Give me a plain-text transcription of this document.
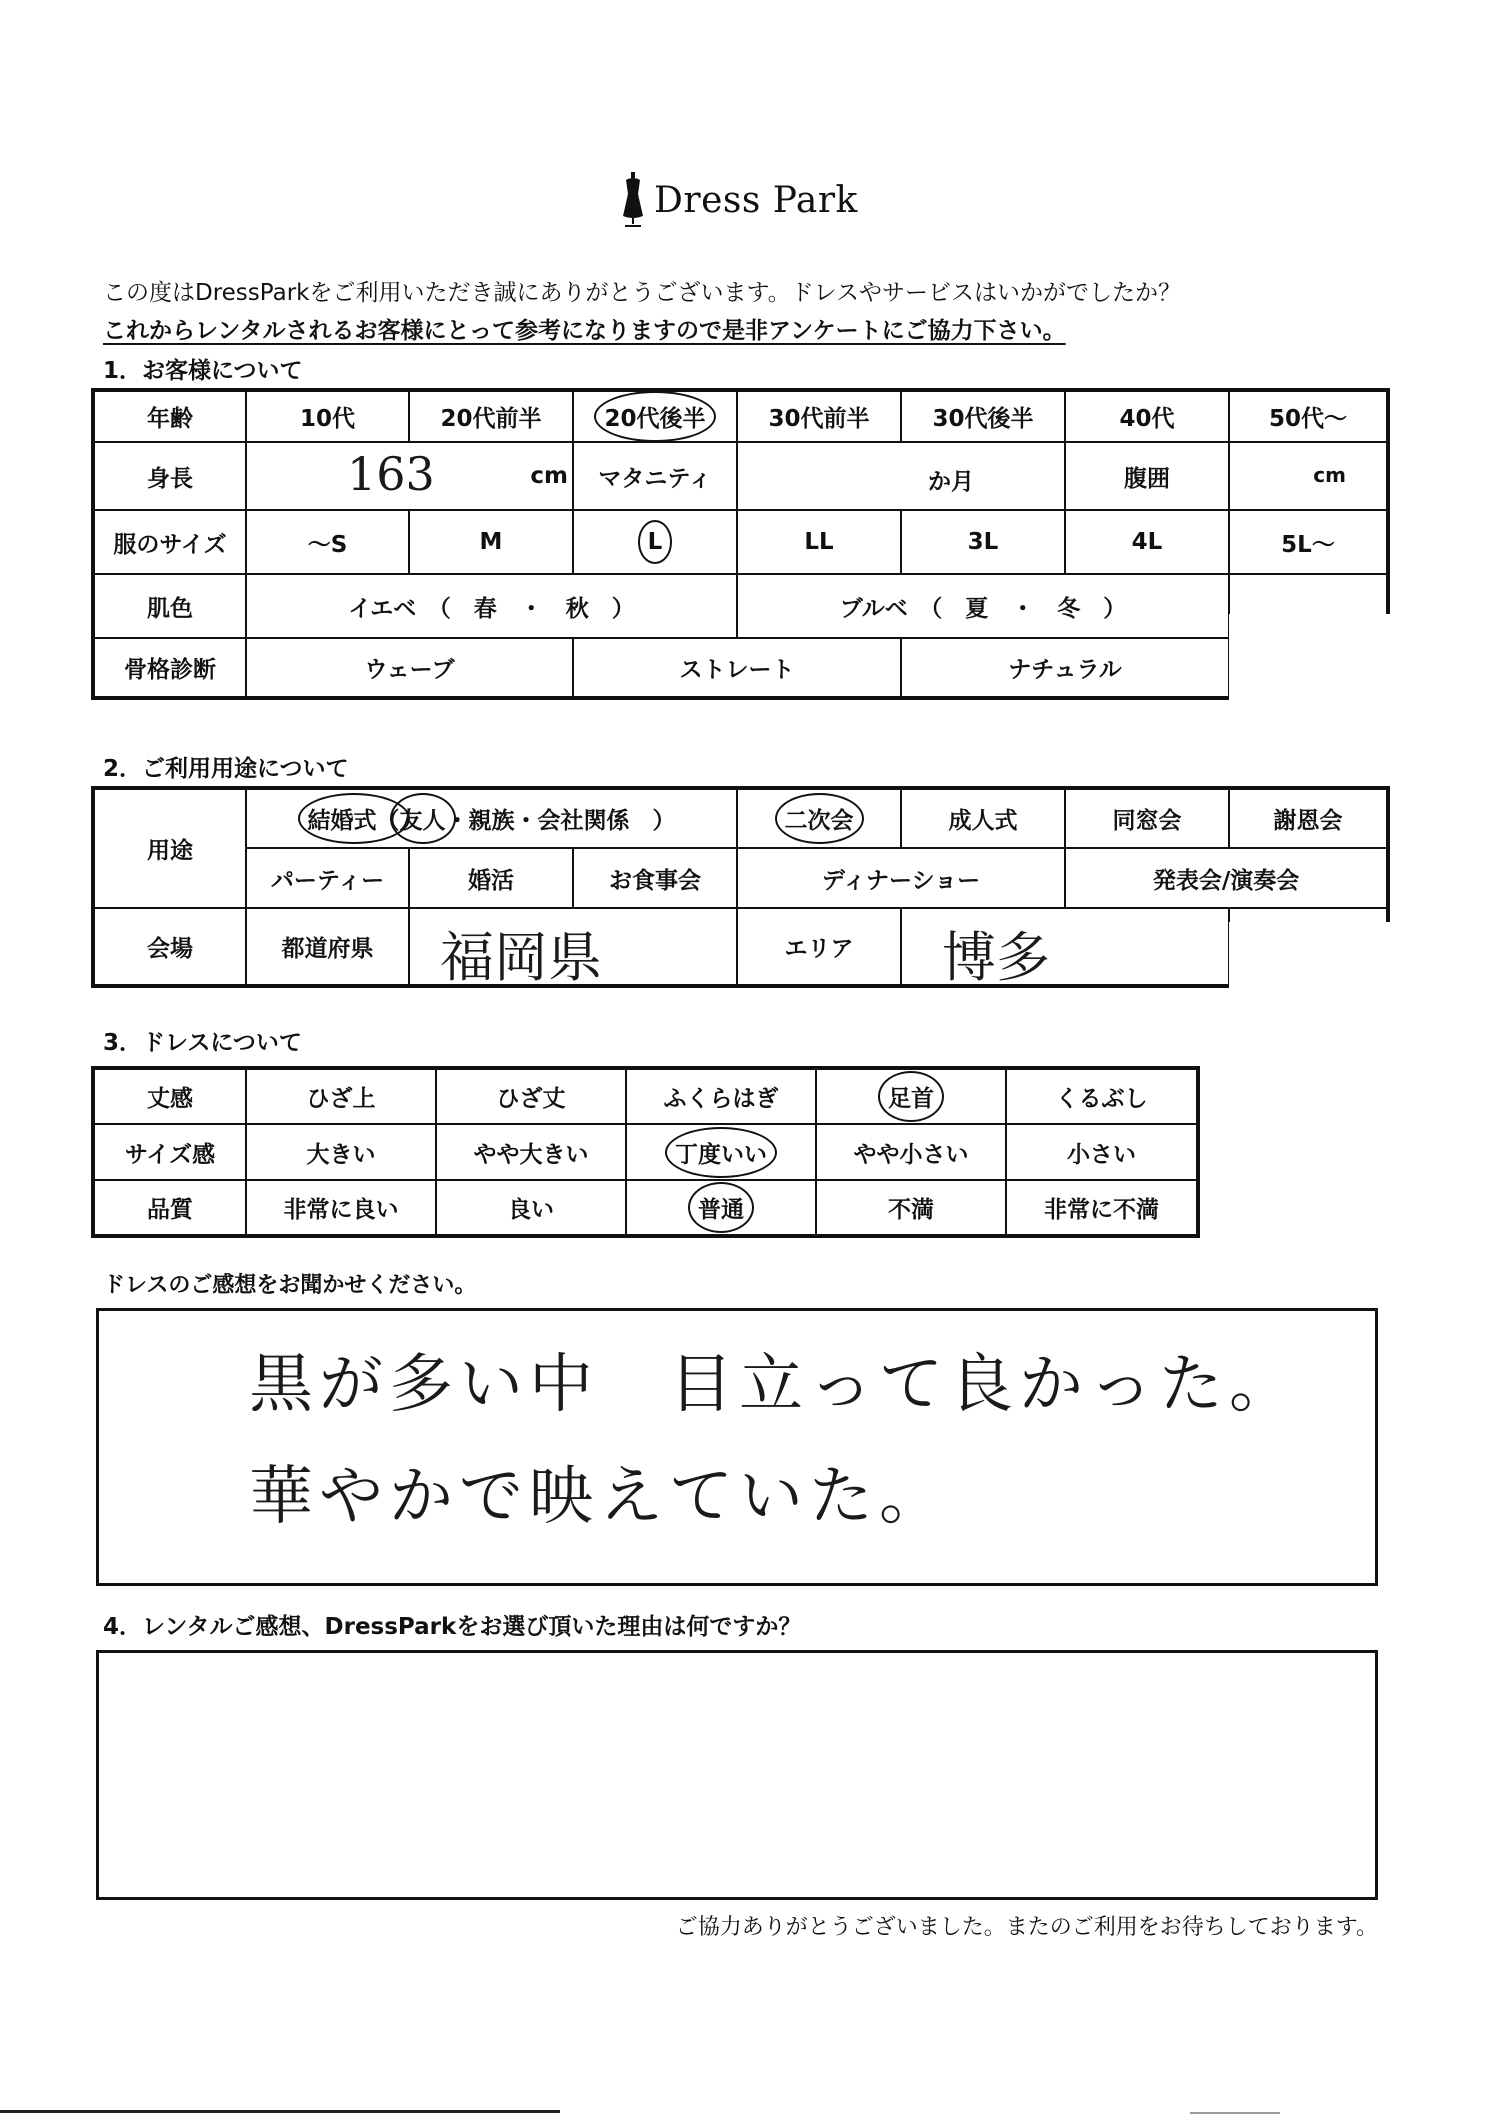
Dress Park
この度はDressParkをご利用いただき誠にありがとうございます。ドレスやサービスはいかがでしたか？
これからレンタルされるお客様にとって参考になりますので是非アンケートにご協力下さい。
1．お客様について
年齢	10代	20代前半	20代後半	30代前半	30代後半	40代	50代～
身長	163 cm		マタニティ	か月		腹囲	cm

服のサイズ	～S	M	L	LL	3L	4L	5L～
肌色	イエベ　（　春　・　秋　）			ブルベ　（　夏　・　冬　）			
骨格診断	ウェーブ		ストレート		ナチュラル		
2．ご利用用途について
用途	結婚式（友人・親族・会社関係　）			二次会	成人式	同窓会	謝恩会
	パーティー	婚活	お食事会	ディナーショー		発表会/演奏会	
会場	都道府県	福岡県		エリア	博多		

3．ドレスについて
丈感	ひざ上	ひざ丈	ふくらはぎ	足首	くるぶし
サイズ感	大きい	やや大きい	丁度いい	やや小さい	小さい
品質	非常に良い	良い	普通	不満	非常に不満
ドレスのご感想をお聞かせください。
黒が多い中　目立って良かった。
華やかで映えていた。
4．レンタルご感想、DressParkをお選び頂いた理由は何ですか？
ご協力ありがとうございました。またのご利用をお待ちしております。
